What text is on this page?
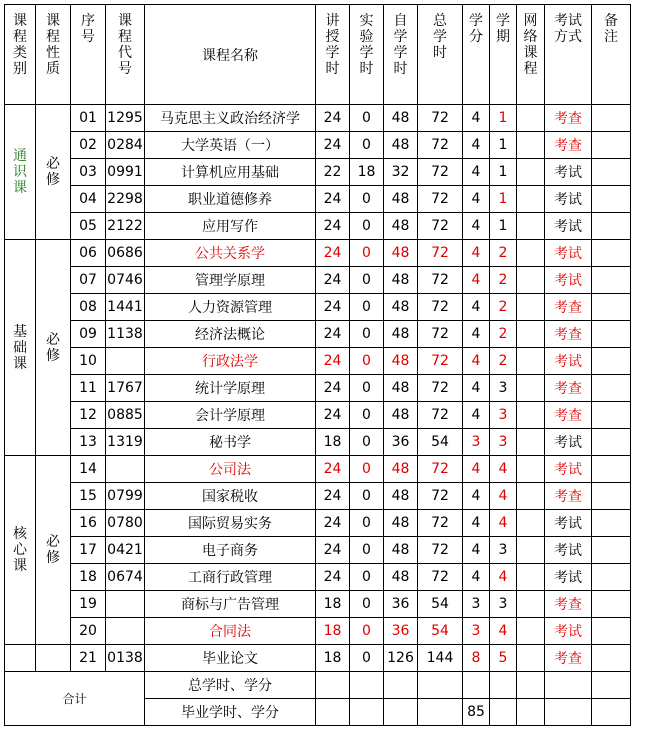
课程类别	课程性质	序号	课程代号	课程名称	讲授学时	实验学时	自学学时	总学时	学分	学期	网络课程	考试方式	备注
通识课	必修	01	1295	马克思主义政治经济学	24	0	48	72	4	1		考查	
		02	0284	大学英语（一）	24	0	48	72	4	1		考查	
		03	0991	计算机应用基础	22	18	32	72	4	1		考试	
		04	2298	职业道德修养	24	0	48	72	4	1		考试	
		05	2122	应用写作	24	0	48	72	4	1		考试	
基础课	必修	06	0686	公共关系学	24	0	48	72	4	2		考试	
		07	0746	管理学原理	24	0	48	72	4	2		考试	
		08	1441	人力资源管理	24	0	48	72	4	2		考查	
		09	1138	经济法概论	24	0	48	72	4	2		考查	
		10		行政法学	24	0	48	72	4	2		考试	
		11	1767	统计学原理	24	0	48	72	4	3		考查	
		12	0885	会计学原理	24	0	48	72	4	3		考查	
		13	1319	秘书学	18	0	36	54	3	3		考试	
核心课	必修	14		公司法	24	0	48	72	4	4		考试	
		15	0799	国家税收	24	0	48	72	4	4		考查	
		16	0780	国际贸易实务	24	0	48	72	4	4		考试	
		17	0421	电子商务	24	0	48	72	4	3		考试	
		18	0674	工商行政管理	24	0	48	72	4	4		考试	
		19		商标与广告管理	18	0	36	54	3	3		考查	
		20		合同法	18	0	36	54	3	4		考试	
		21	0138	毕业论文	18	0	126	144	8	5		考查	
合计				总学时、学分									
				毕业学时、学分					85				
